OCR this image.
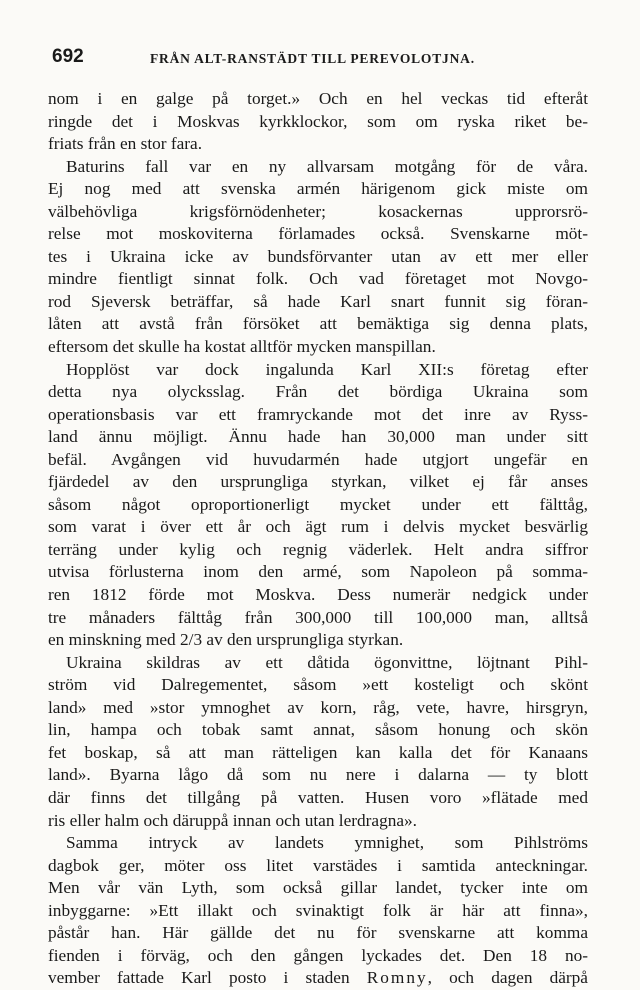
692	FRÅN ALT-RANSTÄDT TILL PEREVOLOTJNA.
nom i en galge på torget.» Och en hel veckas tid efteråt
ringde det i Moskvas kyrkklockor, som om ryska riket be-
friats från en stor fara.
Baturins fall var en ny allvarsam motgång för de våra.
Ej nog med att svenska armén härigenom gick miste om
välbehövliga krigsförnödenheter; kosackernas upprorsrö-
relse mot moskoviterna förlamades också. Svenskarne möt-
tes i Ukraina icke av bundsförvanter utan av ett mer eller
mindre fientligt sinnat folk. Och vad företaget mot Novgo-
rod Sjeversk beträffar, så hade Karl snart funnit sig föran-
låten att avstå från försöket att bemäktiga sig denna plats,
eftersom det skulle ha kostat alltför mycken manspillan.
Hopplöst var dock ingalunda Karl XII:s företag efter
detta nya olycksslag. Från det bördiga Ukraina som
operationsbasis var ett framryckande mot det inre av Ryss-
land ännu möjligt. Ännu hade han 30,000 man under sitt
befäl. Avgången vid huvudarmén hade utgjort ungefär en
fjärdedel av den ursprungliga styrkan, vilket ej får anses
såsom något oproportionerligt mycket under ett fälttåg,
som varat i över ett år och ägt rum i delvis mycket besvärlig
terräng under kylig och regnig väderlek. Helt andra siffror
utvisa förlusterna inom den armé, som Napoleon på somma-
ren 1812 förde mot Moskva. Dess numerär nedgick under
tre månaders fälttåg från 300,000 till 100,000 man, alltså
en minskning med 2/3 av den ursprungliga styrkan.
Ukraina skildras av ett dåtida ögonvittne, löjtnant Pihl-
ström vid Dalregementet, såsom »ett kosteligt och skönt
land» med »stor ymnoghet av korn, råg, vete, havre, hirsgryn,
lin, hampa och tobak samt annat, såsom honung och skön
fet boskap, så att man rätteligen kan kalla det för Kanaans
land». Byarna lågo då som nu nere i dalarna — ty blott
där finns det tillgång på vatten. Husen voro »flätade med
ris eller halm och däruppå innan och utan lerdragna».
Samma intryck av landets ymnighet, som Pihlströms
dagbok ger, möter oss litet varstädes i samtida anteckningar.
Men vår vän Lyth, som också gillar landet, tycker inte om
inbyggarne: »Ett illakt och svinaktigt folk är här att finna»,
påstår han. Här gällde det nu för svenskarne att komma
fienden i förväg, och den gången lyckades det. Den 18 no-
vember fattade Karl posto i staden Romny, och dagen därpå
